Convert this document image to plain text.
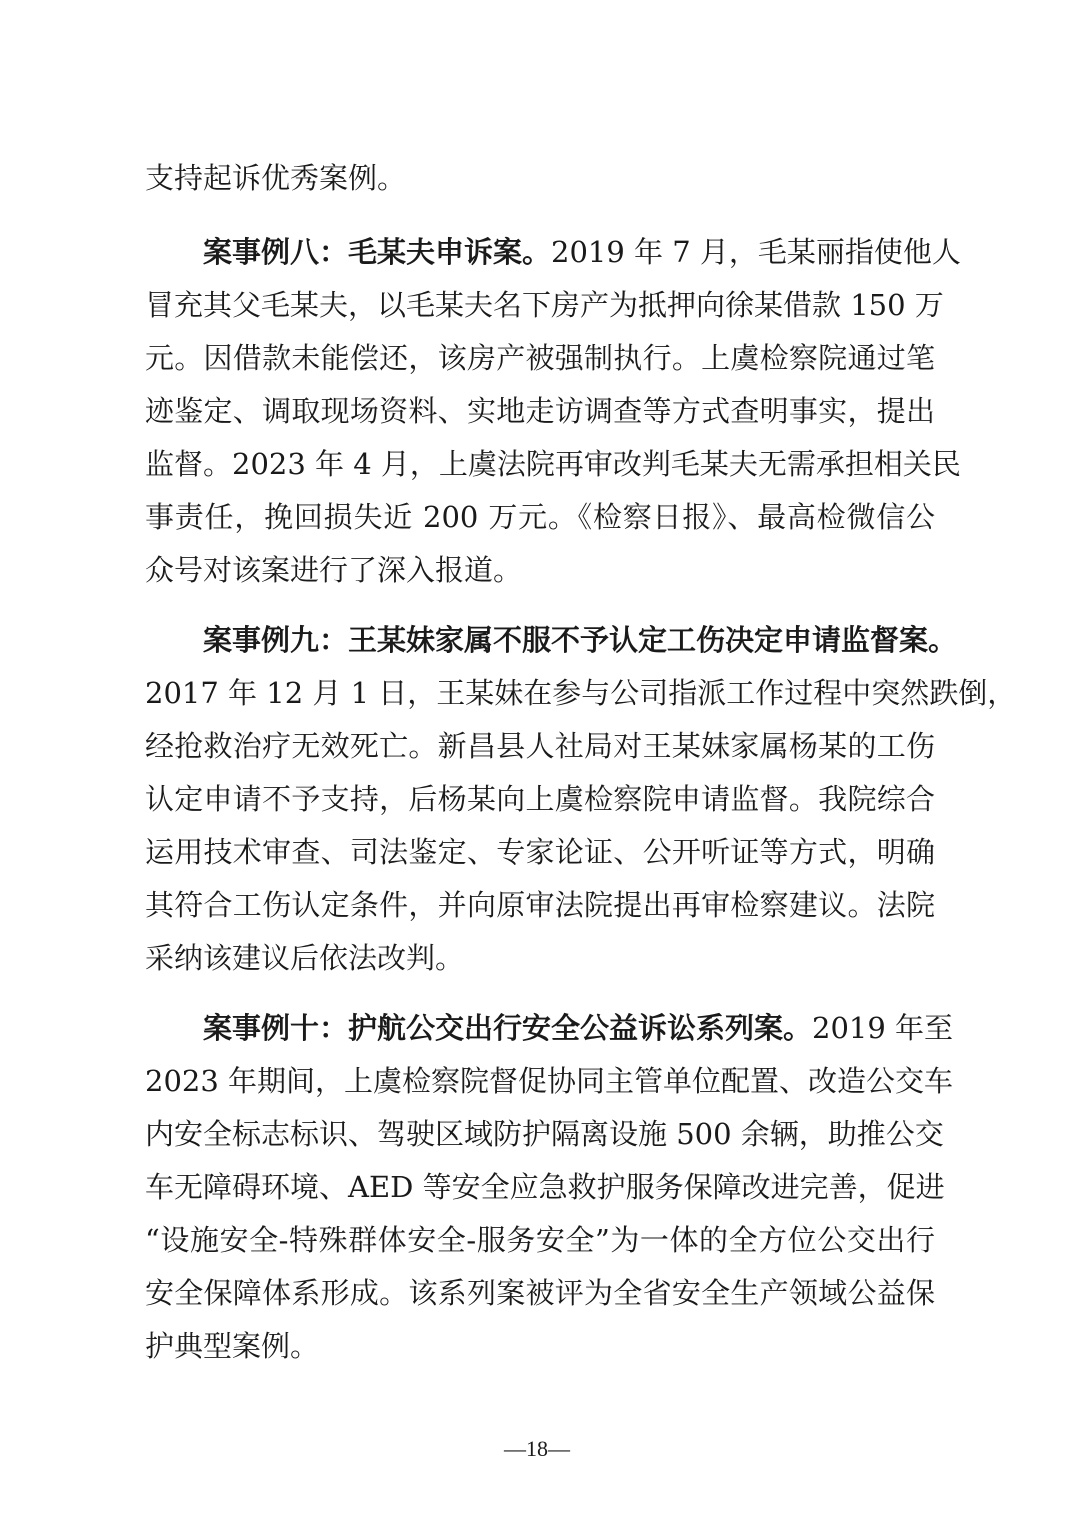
支持起诉优秀案例。
案事例八：毛某夫申诉案。2019 年 7 月，毛某丽指使他人
冒充其父毛某夫，以毛某夫名下房产为抵押向徐某借款 150 万
元。因借款未能偿还，该房产被强制执行。上虞检察院通过笔
迹鉴定、调取现场资料、实地走访调查等方式查明事实，提出
监督。2023 年 4 月，上虞法院再审改判毛某夫无需承担相关民
事责任，挽回损失近 200 万元。《检察日报》、最高检微信公
众号对该案进行了深入报道。
案事例九：王某妹家属不服不予认定工伤决定申请监督案。
2017 年 12 月 1 日，王某妹在参与公司指派工作过程中突然跌倒，
经抢救治疗无效死亡。新昌县人社局对王某妹家属杨某的工伤
认定申请不予支持，后杨某向上虞检察院申请监督。我院综合
运用技术审查、司法鉴定、专家论证、公开听证等方式，明确
其符合工伤认定条件，并向原审法院提出再审检察建议。法院
采纳该建议后依法改判。
案事例十：护航公交出行安全公益诉讼系列案。2019 年至
2023 年期间，上虞检察院督促协同主管单位配置、改造公交车
内安全标志标识、驾驶区域防护隔离设施 500 余辆，助推公交
车无障碍环境、AED 等安全应急救护服务保障改进完善，促进
“设施安全-特殊群体安全-服务安全”为一体的全方位公交出行
安全保障体系形成。该系列案被评为全省安全生产领域公益保
护典型案例。
—18—
